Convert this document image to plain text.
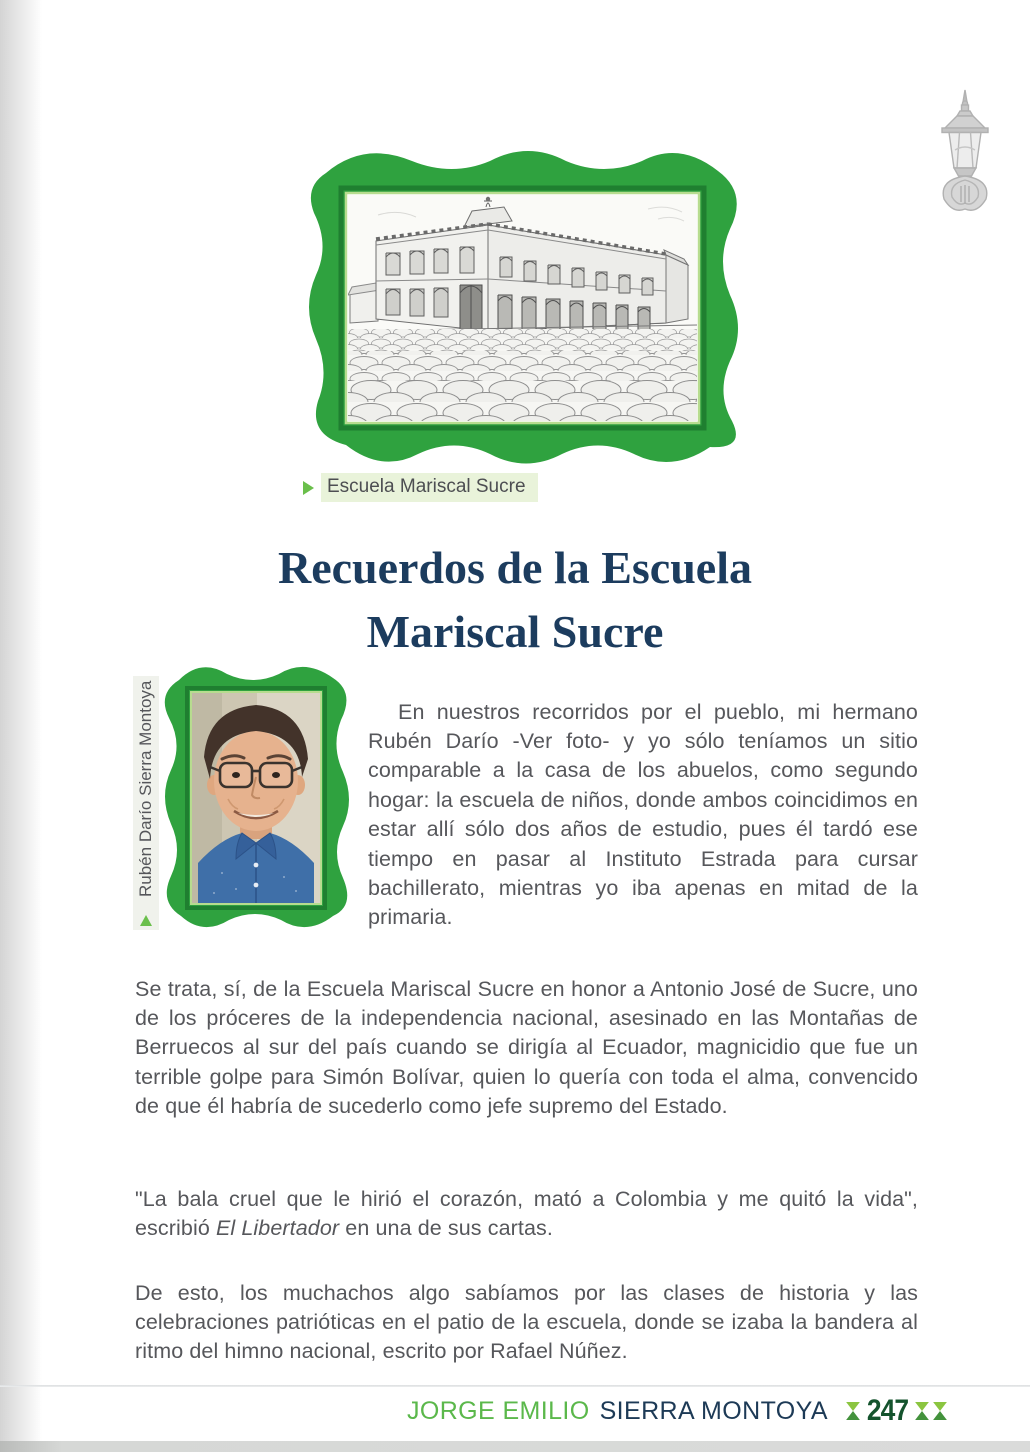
Escuela Mariscal Sucre
Recuerdos de la Escuela
Mariscal Sucre
Rubén Darío Sierra Montoya	En nuestros recorridos por el pueblo, mi hermano Rubén Darío -Ver foto- y yo sólo teníamos un sitio comparable a la casa de los abuelos, como segundo hogar: la escuela de niños, donde ambos coincidimos en estar allí sólo dos años de estudio, pues él tardó ese tiempo en pasar al Instituto Estrada para cursar bachillerato, mientras yo iba apenas en mitad de la primaria.

Se trata, sí, de la Escuela Mariscal Sucre en honor a Antonio José de Sucre, uno de los próceres de la independencia nacional, asesinado en las Montañas de Berruecos al sur del país cuando se dirigía al Ecuador, magnicidio que fue un terrible golpe para Simón Bolívar, quien lo quería con toda el alma, convencido de que él habría de sucederlo como jefe supremo del Estado.

"La bala cruel que le hirió el corazón, mató a Colombia y me quitó la vida", escribió El Libertador en una de sus cartas.

De esto, los muchachos algo sabíamos por las clases de historia y las celebraciones patrióticas en el patio de la escuela, donde se izaba la bandera al ritmo del himno nacional, escrito por Rafael Núñez.

JORGE EMILIO SIERRA MONTOYA 247
